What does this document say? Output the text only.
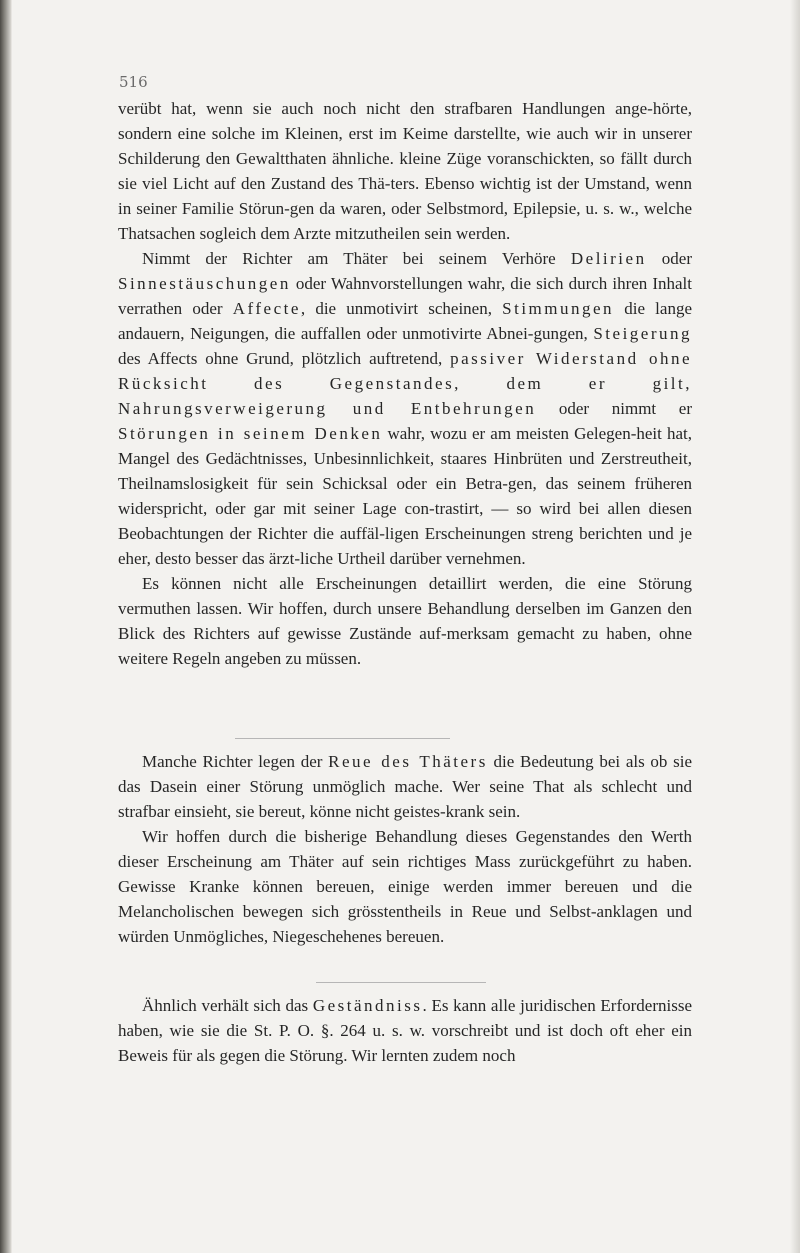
516

verübt hat, wenn sie auch noch nicht den strafbaren Handlungen ange-hörte, sondern eine solche im Kleinen, erst im Keime darstellte, wie auch wir in unserer Schilderung den Gewaltthaten ähnliche. kleine Züge voranschickten, so fällt durch sie viel Licht auf den Zustand des Thä-ters. Ebenso wichtig ist der Umstand, wenn in seiner Familie Störun-gen da waren, oder Selbstmord, Epilepsie, u. s. w., welche Thatsachen sogleich dem Arzte mitzutheilen sein werden.

Nimmt der Richter am Thäter bei seinem Verhöre Delirien oder Sinnestäuschungen oder Wahnvorstellungen wahr, die sich durch ihren Inhalt verrathen oder Affecte, die unmotivirt scheinen, Stimmungen die lange andauern, Neigungen, die auffallen oder unmotivirte Abnei-gungen, Steigerung des Affects ohne Grund, plötzlich auftretend, passiver Widerstand ohne Rücksicht des Gegenstandes, dem er gilt, Nahrungsverweigerung und Entbehrungen oder nimmt er Störungen in seinem Denken wahr, wozu er am meisten Gelegen-heit hat, Mangel des Gedächtnisses, Unbesinnlichkeit, staares Hinbrüten und Zerstreutheit, Theilnamslosigkeit für sein Schicksal oder ein Betra-gen, das seinem früheren widerspricht, oder gar mit seiner Lage con-trastirt, — so wird bei allen diesen Beobachtungen der Richter die auffäl-ligen Erscheinungen streng berichten und je eher, desto besser das ärzt-liche Urtheil darüber vernehmen.

Es können nicht alle Erscheinungen detaillirt werden, die eine Störung vermuthen lassen. Wir hoffen, durch unsere Behandlung derselben im Ganzen den Blick des Richters auf gewisse Zustände auf-merksam gemacht zu haben, ohne weitere Regeln angeben zu müssen.

Manche Richter legen der Reue des Thäters die Bedeutung bei als ob sie das Dasein einer Störung unmöglich mache. Wer seine That als schlecht und strafbar einsieht, sie bereut, könne nicht geistes-krank sein.

Wir hoffen durch die bisherige Behandlung dieses Gegenstandes den Werth dieser Erscheinung am Thäter auf sein richtiges Mass zurückgeführt zu haben. Gewisse Kranke können bereuen, einige werden immer bereuen und die Melancholischen bewegen sich grösstentheils in Reue und Selbst-anklagen und würden Unmögliches, Niegeschehenes bereuen.

Ähnlich verhält sich das Geständniss. Es kann alle juridischen Erfordernisse haben, wie sie die St. P. O. §. 264 u. s. w. vorschreibt und ist doch oft eher ein Beweis für als gegen die Störung. Wir lernten zudem noch
